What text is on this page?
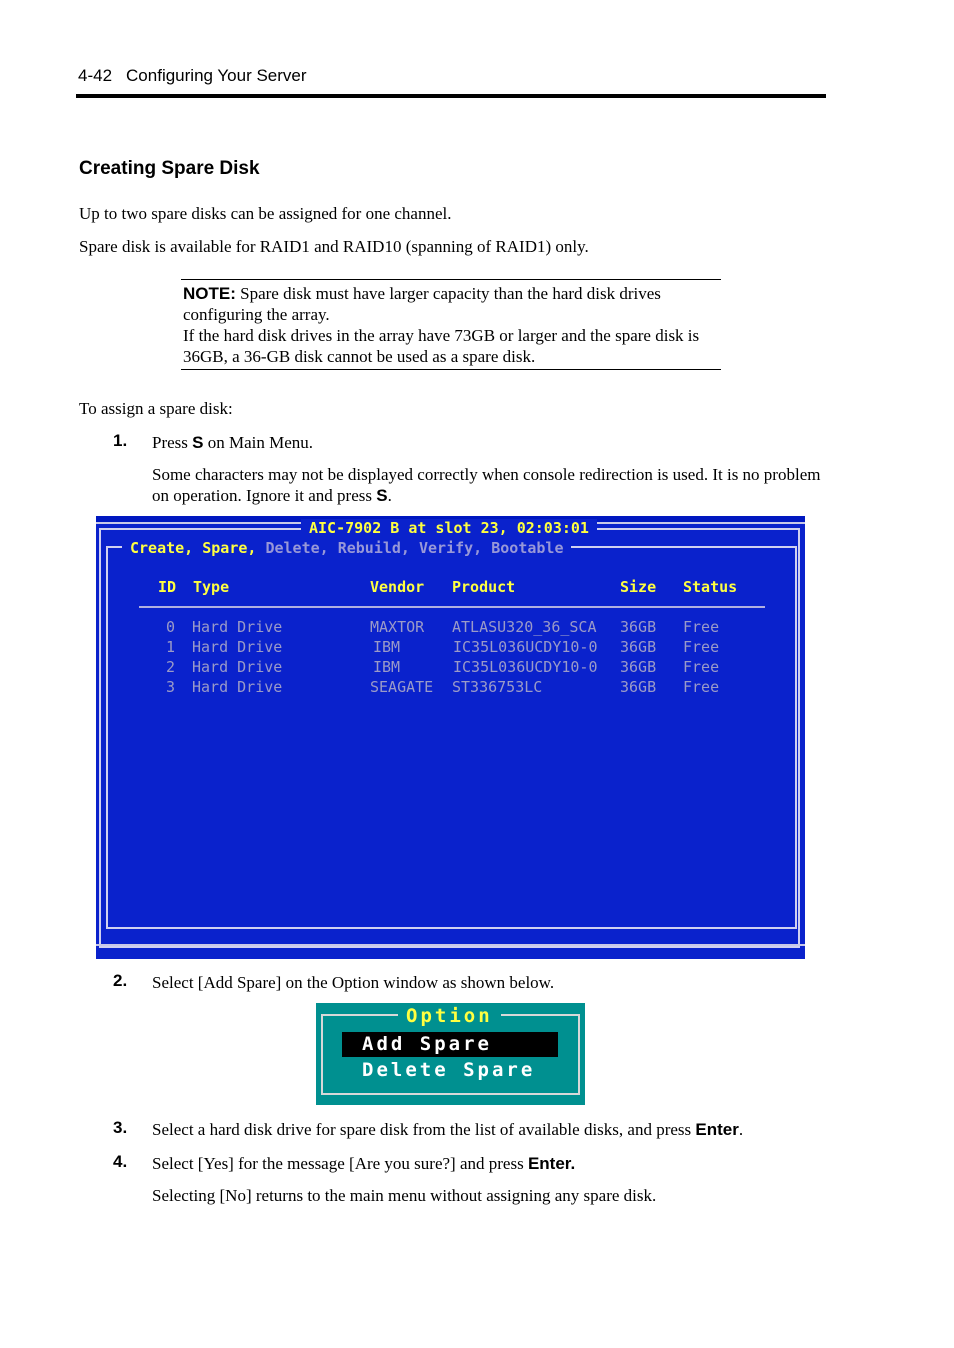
4-42 Configuring Your Server
Creating Spare Disk
Up to two spare disks can be assigned for one channel.
Spare disk is available for RAID1 and RAID10 (spanning of RAID1) only.
NOTE: Spare disk must have larger capacity than the hard disk drives configuring the array.
If the hard disk drives in the array have 73GB or larger and the spare disk is 36GB, a 36-GB disk cannot be used as a spare disk.
To assign a spare disk:
1. Press S on Main Menu.
Some characters may not be displayed correctly when console redirection is used. It is no problem on operation. Ignore it and press S.
AIC-7902 B at slot 23, 02:03:01
Create, Spare, Delete, Rebuild, Verify, Bootable
ID Type	Vendor Product	Size Status
0 Hard Drive	MAXTOR ATLASU320_36_SCA 36GB Free
1 Hard Drive	IBM	IC35L036UCDY10-0 36GB Free
2 Hard Drive	IBM	IC35L036UCDY10-0 36GB Free
3 Hard Drive	SEAGATE ST336753LC	36GB Free
2. Select [Add Spare] on the Option window as shown below.
Option
Add Spare
Delete Spare
3. Select a hard disk drive for spare disk from the list of available disks, and press Enter.
4. Select [Yes] for the message [Are you sure?] and press Enter.
Selecting [No] returns to the main menu without assigning any spare disk.
